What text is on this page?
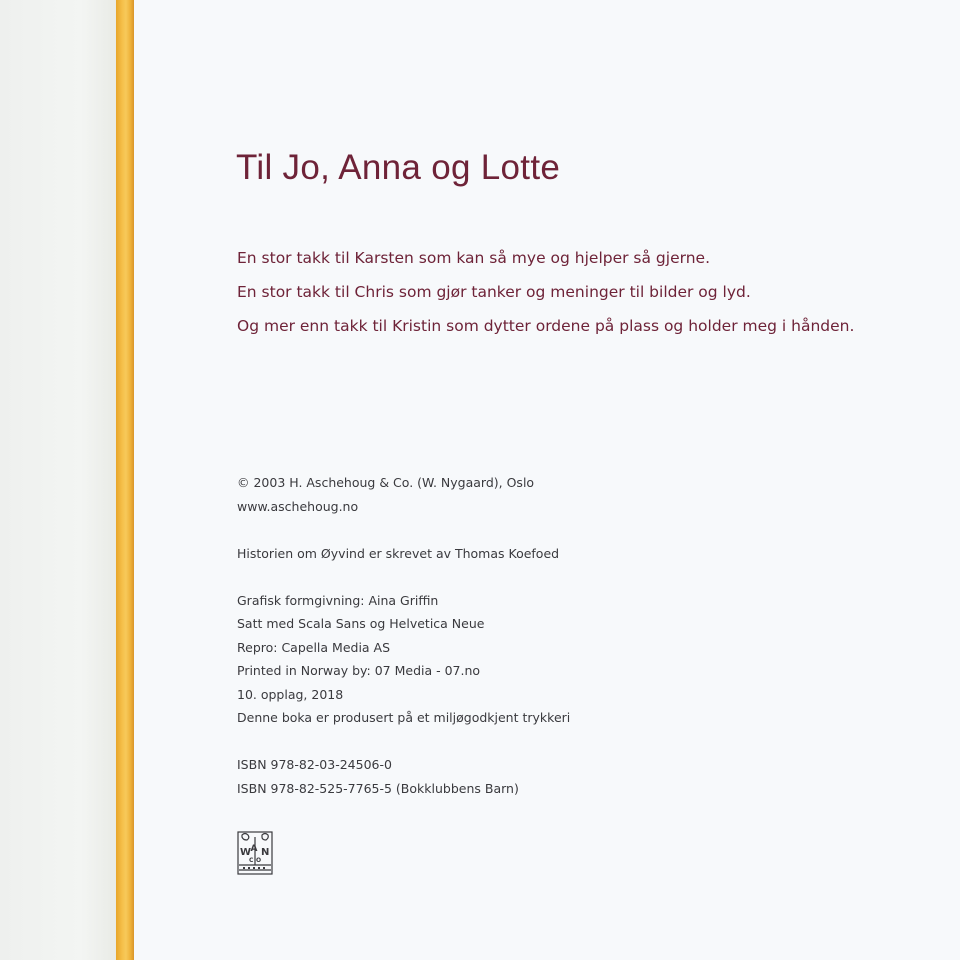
Til Jo, Anna og Lotte
En stor takk til Karsten som kan så mye og hjelper så gjerne.
En stor takk til Chris som gjør tanker og meninger til bilder og lyd.
Og mer enn takk til Kristin som dytter ordene på plass og holder meg i hånden.
© 2003 H. Aschehoug & Co. (W. Nygaard), Oslo
www.aschehoug.no
Historien om Øyvind er skrevet av Thomas Koefoed
Grafisk formgivning: Aina Griffin
Satt med Scala Sans og Helvetica Neue
Repro: Capella Media AS
Printed in Norway by: 07 Media - 07.no
10. opplag, 2018
Denne boka er produsert på et miljøgodkjent trykkeri
ISBN 978-82-03-24506-0
ISBN 978-82-525-7765-5 (Bokklubbens Barn)
W A N
C O
